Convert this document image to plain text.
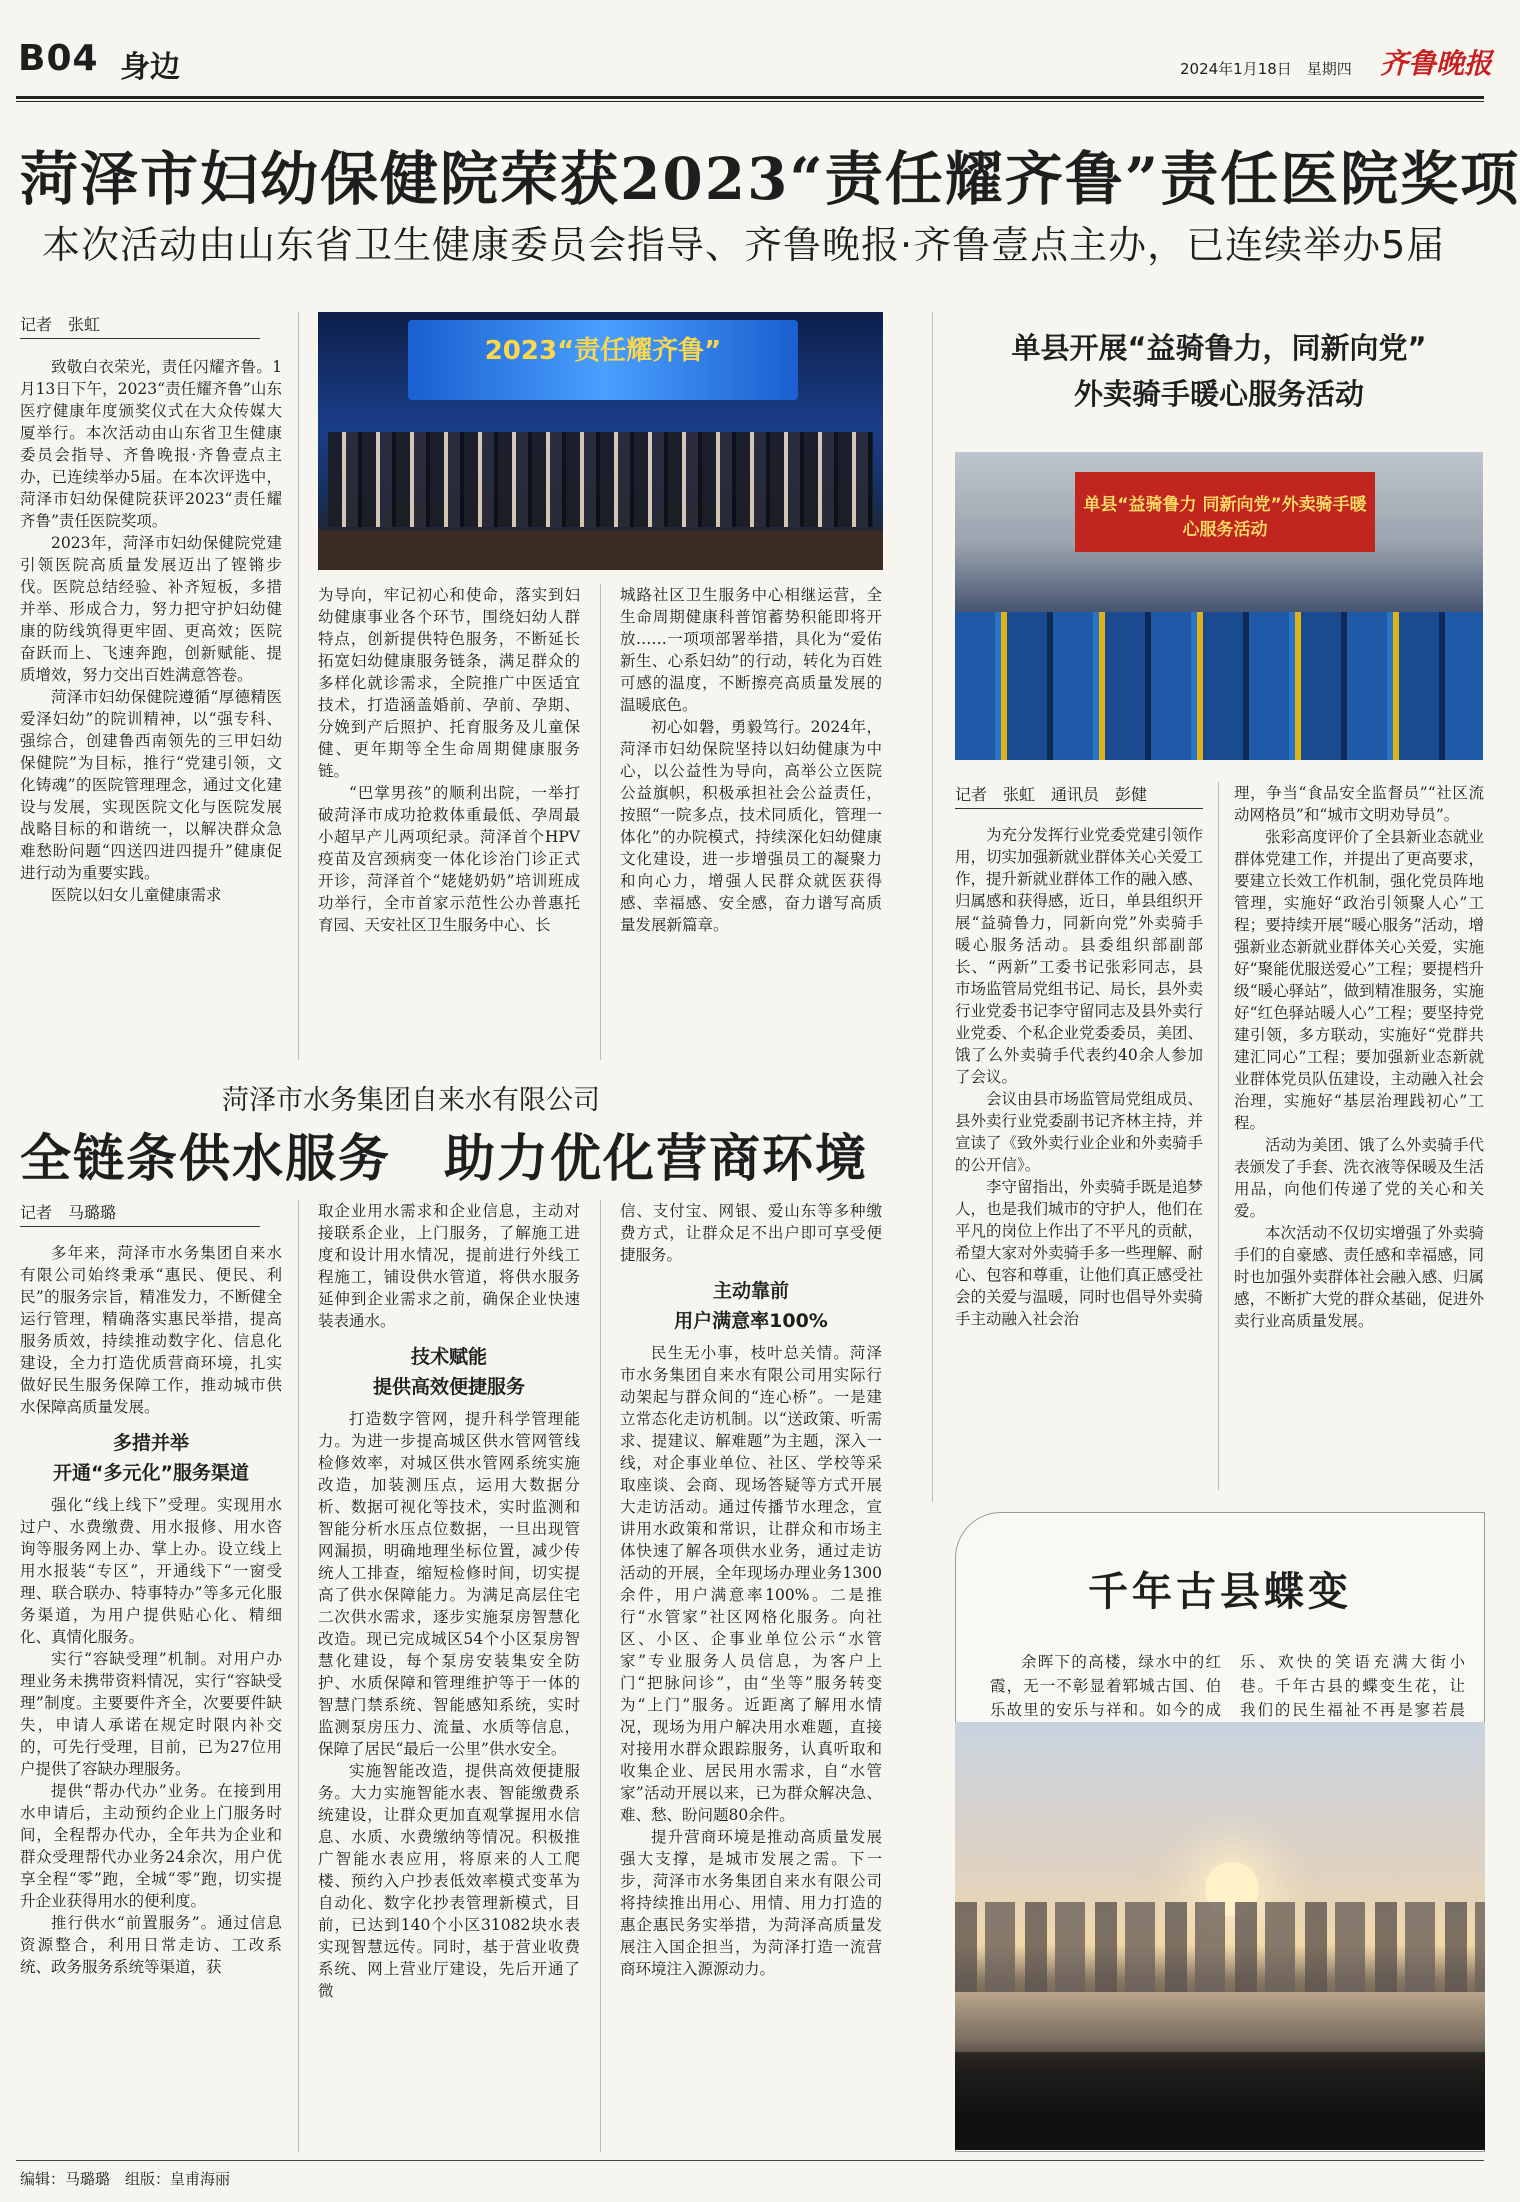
B04 身边	2024年1月18日　星期四 齐鲁晚报
菏泽市妇幼保健院荣获2023“责任耀齐鲁”责任医院奖项
本次活动由山东省卫生健康委员会指导、齐鲁晚报·齐鲁壹点主办，已连续举办5届
记者　张虹

致敬白衣荣光，责任闪耀齐鲁。1月13日下午，2023“责任耀齐鲁”山东医疗健康年度颁奖仪式在大众传媒大厦举行。本次活动由山东省卫生健康委员会指导、齐鲁晚报·齐鲁壹点主办，已连续举办5届。在本次评选中，菏泽市妇幼保健院获评2023“责任耀齐鲁”责任医院奖项。

2023年，菏泽市妇幼保健院党建引领医院高质量发展迈出了铿锵步伐。医院总结经验、补齐短板，多措并举、形成合力，努力把守护妇幼健康的防线筑得更牢固、更高效；医院奋跃而上、飞速奔跑，创新赋能、提质增效，努力交出百姓满意答卷。

菏泽市妇幼保健院遵循“厚德精医　爱泽妇幼”的院训精神，以“强专科、强综合，创建鲁西南领先的三甲妇幼保健院”为目标，推行“党建引领，文化铸魂”的医院管理理念，通过文化建设与发展，实现医院文化与医院发展战略目标的和谐统一，以解决群众急难愁盼问题“四送四进四提升”健康促进行动为重要实践。

医院以妇女儿童健康需求

2023“责任耀齐鲁”

为导向，牢记初心和使命，落实到妇幼健康事业各个环节，围绕妇幼人群特点，创新提供特色服务，不断延长拓宽妇幼健康服务链条，满足群众的多样化就诊需求，全院推广中医适宜技术，打造涵盖婚前、孕前、孕期、分娩到产后照护、托育服务及儿童保健、更年期等全生命周期健康服务链。

“巴掌男孩”的顺利出院，一举打破菏泽市成功抢救体重最低、孕周最小超早产儿两项纪录。菏泽首个HPV疫苗及宫颈病变一体化诊治门诊正式开诊，菏泽首个“姥姥奶奶”培训班成功举行，全市首家示范性公办普惠托育园、天安社区卫生服务中心、长

城路社区卫生服务中心相继运营，全生命周期健康科普馆蓄势积能即将开放……一项项部署举措，具化为“爱佑新生、心系妇幼”的行动，转化为百姓可感的温度，不断擦亮高质量发展的温暖底色。

初心如磐，勇毅笃行。2024年，菏泽市妇幼保院坚持以妇幼健康为中心，以公益性为导向，高举公立医院公益旗帜，积极承担社会公益责任，按照“一院多点，技术同质化，管理一体化”的办院模式，持续深化妇幼健康文化建设，进一步增强员工的凝聚力和向心力，增强人民群众就医获得感、幸福感、安全感，奋力谱写高质量发展新篇章。

单县开展“益骑鲁力，同新向党”
外卖骑手暖心服务活动
单县“益骑鲁力 同新向党”外卖骑手暖心服务活动
记者　张虹　通讯员　彭健

为充分发挥行业党委党建引领作用，切实加强新就业群体关心关爱工作，提升新就业群体工作的融入感、归属感和获得感，近日，单县组织开展“益骑鲁力，同新向党”外卖骑手暖心服务活动。县委组织部副部长、“两新”工委书记张彩同志，县市场监管局党组书记、局长，县外卖行业党委书记李守留同志及县外卖行业党委、个私企业党委委员，美团、饿了么外卖骑手代表约40余人参加了会议。

会议由县市场监管局党组成员、县外卖行业党委副书记齐林主持，并宣读了《致外卖行业企业和外卖骑手的公开信》。

李守留指出，外卖骑手既是追梦人，也是我们城市的守护人，他们在平凡的岗位上作出了不平凡的贡献，希望大家对外卖骑手多一些理解、耐心、包容和尊重，让他们真正感受社会的关爱与温暖，同时也倡导外卖骑手主动融入社会治

理，争当“食品安全监督员”“社区流动网格员”和“城市文明劝导员”。

张彩高度评价了全县新业态就业群体党建工作，并提出了更高要求，要建立长效工作机制，强化党员阵地管理，实施好“政治引领聚人心”工程；要持续开展“暖心服务”活动，增强新业态新就业群体关心关爱，实施好“聚能优服送爱心”工程；要提档升级“暖心驿站”，做到精准服务，实施好“红色驿站暖人心”工程；要坚持党建引领，多方联动，实施好“党群共建汇同心”工程；要加强新业态新就业群体党员队伍建设，主动融入社会治理，实施好“基层治理践初心”工程。

活动为美团、饿了么外卖骑手代表颁发了手套、洗衣液等保暖及生活用品，向他们传递了党的关心和关爱。

本次活动不仅切实增强了外卖骑手们的自豪感、责任感和幸福感，同时也加强外卖群体社会融入感、归属感，不断扩大党的群众基础，促进外卖行业高质量发展。

菏泽市水务集团自来水有限公司
全链条供水服务　助力优化营商环境
记者　马璐璐

多年来，菏泽市水务集团自来水有限公司始终秉承“惠民、便民、利民”的服务宗旨，精准发力，不断健全运行管理，精确落实惠民举措，提高服务质效，持续推动数字化、信息化建设，全力打造优质营商环境，扎实做好民生服务保障工作，推动城市供水保障高质量发展。

多措并举
开通“多元化”服务渠道

强化“线上线下”受理。实现用水过户、水费缴费、用水报修、用水咨询等服务网上办、掌上办。设立线上用水报装“专区”，开通线下“一窗受理、联合联办、特事特办”等多元化服务渠道，为用户提供贴心化、精细化、真情化服务。

实行“容缺受理”机制。对用户办理业务未携带资料情况，实行“容缺受理”制度。主要要件齐全，次要要件缺失，申请人承诺在规定时限内补交的，可先行受理，目前，已为27位用户提供了容缺办理服务。

提供“帮办代办”业务。在接到用水申请后，主动预约企业上门服务时间，全程帮办代办，全年共为企业和群众受理帮代办业务24余次，用户优享全程“零”跑，全城“零”跑，切实提升企业获得用水的便利度。

推行供水“前置服务”。通过信息资源整合，利用日常走访、工改系统、政务服务系统等渠道，获

取企业用水需求和企业信息，主动对接联系企业，上门服务，了解施工进度和设计用水情况，提前进行外线工程施工，铺设供水管道，将供水服务延伸到企业需求之前，确保企业快速装表通水。

技术赋能
提供高效便捷服务

打造数字管网，提升科学管理能力。为进一步提高城区供水管网管线检修效率，对城区供水管网系统实施改造，加装测压点，运用大数据分析、数据可视化等技术，实时监测和智能分析水压点位数据，一旦出现管网漏损，明确地理坐标位置，减少传统人工排查，缩短检修时间，切实提高了供水保障能力。为满足高层住宅二次供水需求，逐步实施泵房智慧化改造。现已完成城区54个小区泵房智慧化建设，每个泵房安装集安全防护、水质保障和管理维护等于一体的智慧门禁系统、智能感知系统，实时监测泵房压力、流量、水质等信息，保障了居民“最后一公里”供水安全。

实施智能改造，提供高效便捷服务。大力实施智能水表、智能缴费系统建设，让群众更加直观掌握用水信息、水质、水费缴纳等情况。积极推广智能水表应用，将原来的人工爬楼、预约入户抄表低效率模式变革为自动化、数字化抄表管理新模式，目前，已达到140个小区31082块水表实现智慧远传。同时，基于营业收费系统、网上营业厅建设，先后开通了微

信、支付宝、网银、爱山东等多种缴费方式，让群众足不出户即可享受便捷服务。

主动靠前
用户满意率100%

民生无小事，枝叶总关情。菏泽市水务集团自来水有限公司用实际行动架起与群众间的“连心桥”。一是建立常态化走访机制。以“送政策、听需求、提建议、解难题”为主题，深入一线，对企事业单位、社区、学校等采取座谈、会商、现场答疑等方式开展大走访活动。通过传播节水理念，宣讲用水政策和常识，让群众和市场主体快速了解各项供水业务，通过走访活动的开展，全年现场办理业务1300余件，用户满意率100%。二是推行“水管家”社区网格化服务。向社区、小区、企事业单位公示“水管家”专业服务人员信息，为客户上门“把脉问诊”，由“坐等”服务转变为“上门”服务。近距离了解用水情况，现场为用户解决用水难题，直接对接用水群众跟踪服务，认真听取和收集企业、居民用水需求，自“水管家”活动开展以来，已为群众解决急、难、愁、盼问题80余件。

提升营商环境是推动高质量发展强大支撑，是城市发展之需。下一步，菏泽市水务集团自来水有限公司将持续推出用心、用情、用力打造的惠企惠民务实举措，为菏泽高质量发展注入国企担当，为菏泽打造一流营商环境注入源源动力。

千年古县蝶变

余晖下的高楼，绿水中的红霞，无一不彰显着郓城古国、伯乐故里的安乐与祥和。如今的成

乐、欢快的笑语充满大街小巷。千年古县的蝶变生花，让我们的民生福祉不再是寥若晨

编辑：马璐璐　组版：皇甫海丽
